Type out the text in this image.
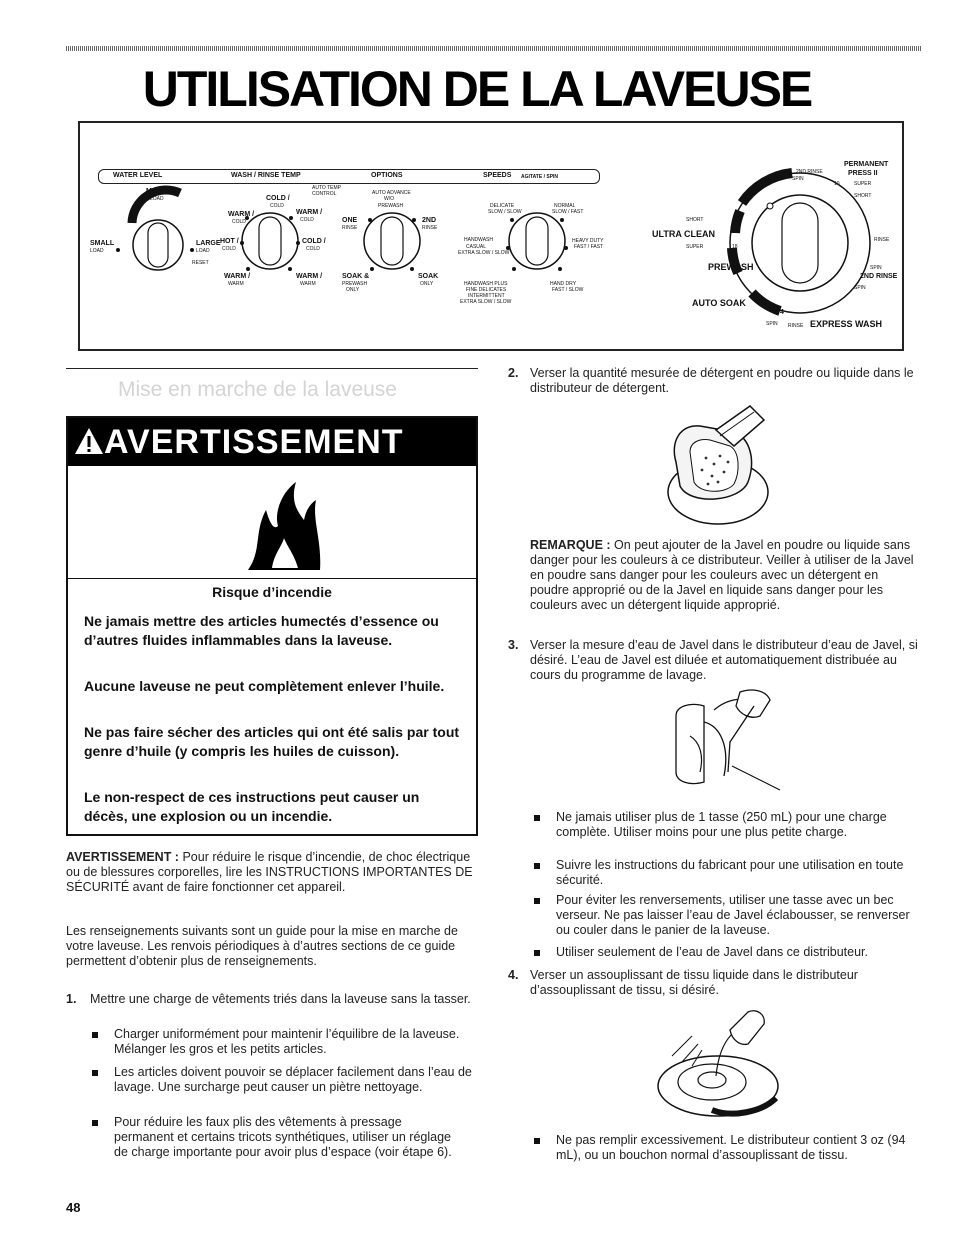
UTILISATION DE LA LAVEUSE
WATER LEVEL	WASH / RINSE TEMP	OPTIONS	SPEEDS AGITATE / SPIN
MEDIUM
LOAD
SMALL
LOAD
LARGE
LOAD
RESET
AUTO TEMP
CONTROL
COLD /
COLD
WARM /
COLD
WARM /
COLD
HOT /
COLD
COLD /
COLD
WARM /
WARM
WARM /
WARM
AUTO ADVANCE
W/O
PREWASH
ONE
RINSE
2ND
RINSE
SOAK &
PREWASH
ONLY
SOAK
ONLY
DELICATE
SLOW / SLOW
NORMAL
SLOW / FAST
HANDWASH
CASUAL
EXTRA SLOW / SLOW
HEAVY DUTY
FAST / FAST
HANDWASH PLUS
FINE DELICATES
INTERMITTENT
EXTRA SLOW / SLOW
HAND DRY
FAST / SLOW
PERMANENT
PRESS II
2ND RINSE
SPIN
10	SUPER
SHORT
SHORT
ULTRA CLEAN	10
SUPER	18
RINSE
SPIN
2ND RINSE
SPIN
PREWASH
AUTO SOAK
4
SPIN RINSE EXPRESS WASH
Mise en marche de la laveuse
AVERTISSEMENT
Risque d’incendie
Ne jamais mettre des articles humectés d’essence ou d’autres fluides inflammables dans la laveuse.
Aucune laveuse ne peut complètement enlever l’huile.
Ne pas faire sécher des articles qui ont été salis par tout genre d’huile (y compris les huiles de cuisson).
Le non-respect de ces instructions peut causer un décès, une explosion ou un incendie.
AVERTISSEMENT : Pour réduire le risque d’incendie, de choc électrique ou de blessures corporelles, lire les INSTRUCTIONS IMPORTANTES DE SÉCURITÉ avant de faire fonctionner cet appareil.
Les renseignements suivants sont un guide pour la mise en marche de votre laveuse. Les renvois périodiques à d’autres sections de ce guide permettent d’obtenir plus de renseignements.
1. Mettre une charge de vêtements triés dans la laveuse sans la tasser.
Charger uniformément pour maintenir l’équilibre de la laveuse. Mélanger les gros et les petits articles.
Les articles doivent pouvoir se déplacer facilement dans l’eau de lavage. Une surcharge peut causer un piètre nettoyage.
Pour réduire les faux plis des vêtements à pressage permanent et certains tricots synthétiques, utiliser un réglage de charge importante pour avoir plus d’espace (voir étape 6).
48
2. Verser la quantité mesurée de détergent en poudre ou liquide dans le distributeur de détergent.
REMARQUE : On peut ajouter de la Javel en poudre ou liquide sans danger pour les couleurs à ce distributeur. Veiller à utiliser de la Javel en poudre sans danger pour les couleurs avec un détergent en poudre approprié ou de la Javel en liquide sans danger pour les couleurs avec un détergent liquide approprié.
3. Verser la mesure d’eau de Javel dans le distributeur d’eau de Javel, si désiré. L’eau de Javel est diluée et automatiquement distribuée au cours du programme de lavage.
Ne jamais utiliser plus de 1 tasse (250 mL) pour une charge complète. Utiliser moins pour une plus petite charge.
Suivre les instructions du fabricant pour une utilisation en toute sécurité.
Pour éviter les renversements, utiliser une tasse avec un bec verseur. Ne pas laisser l’eau de Javel éclabousser, se renverser ou couler dans le panier de la laveuse.
Utiliser seulement de l’eau de Javel dans ce distributeur.
4. Verser un assouplissant de tissu liquide dans le distributeur d’assouplissant de tissu, si désiré.
Ne pas remplir excessivement. Le distributeur contient 3 oz (94 mL), ou un bouchon normal d’assouplissant de tissu.
